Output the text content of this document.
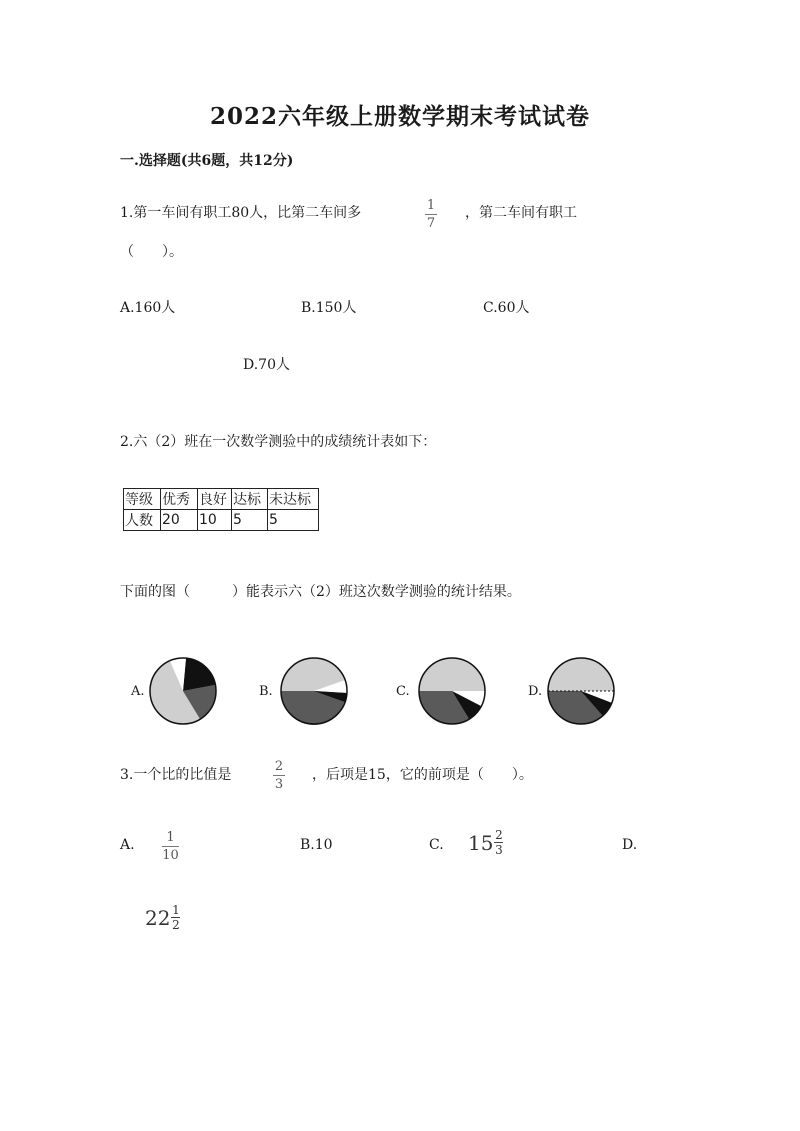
2022六年级上册数学期末考试试卷
一.选择题(共6题，共12分)
1.第一车间有职工80人，比第二车间多	1
7
，第二车间有职工
（　　）。
A.160人	B.150人	C.60人
D.70人
2.六（2）班在一次数学测验中的成绩统计表如下：
等级	优秀	良好	达标	未达标
人数	20	10	5	5
下面的图（　　　）能表示六（2）班这次数学测验的统计结果。
A.	B.	C.	D.
3.一个比的比值是
2
3
，后项是15，它的前项是（　　）。
A. 1
10
B.10	C. 15 2
3	D.
22 1
2
